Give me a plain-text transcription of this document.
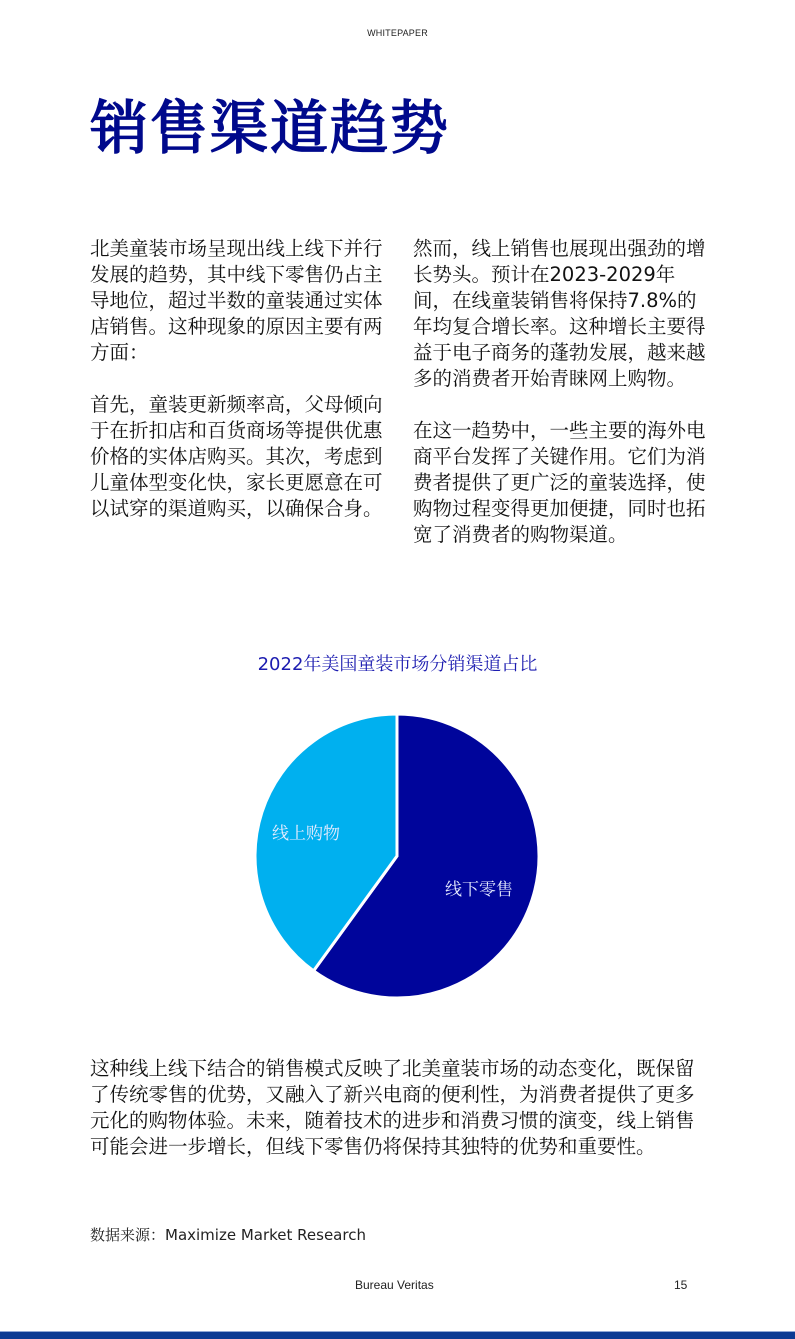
WHITEPAPER
销售渠道趋势

北美童装市场呈现出线上线下并行发展的趋势，其中线下零售仍占主导地位，超过半数的童装通过实体店销售。这种现象的原因主要有两方面：

首先，童装更新频率高，父母倾向于在折扣店和百货商场等提供优惠价格的实体店购买。其次，考虑到儿童体型变化快，家长更愿意在可以试穿的渠道购买，以确保合身。

然而，线上销售也展现出强劲的增长势头。预计在2023-2029年间，在线童装销售将保持7.8%的年均复合增长率。这种增长主要得益于电子商务的蓬勃发展，越来越多的消费者开始青睐网上购物。

在这一趋势中，一些主要的海外电商平台发挥了关键作用。它们为消费者提供了更广泛的童装选择，使购物过程变得更加便捷，同时也拓宽了消费者的购物渠道。

2022年美国童装市场分销渠道占比
线上购物
线下零售

这种线上线下结合的销售模式反映了北美童装市场的动态变化，既保留了传统零售的优势，又融入了新兴电商的便利性，为消费者提供了更多元化的购物体验。未来，随着技术的进步和消费习惯的演变，线上销售可能会进一步增长，但线下零售仍将保持其独特的优势和重要性。

数据来源：Maximize Market Research
Bureau Veritas	15
